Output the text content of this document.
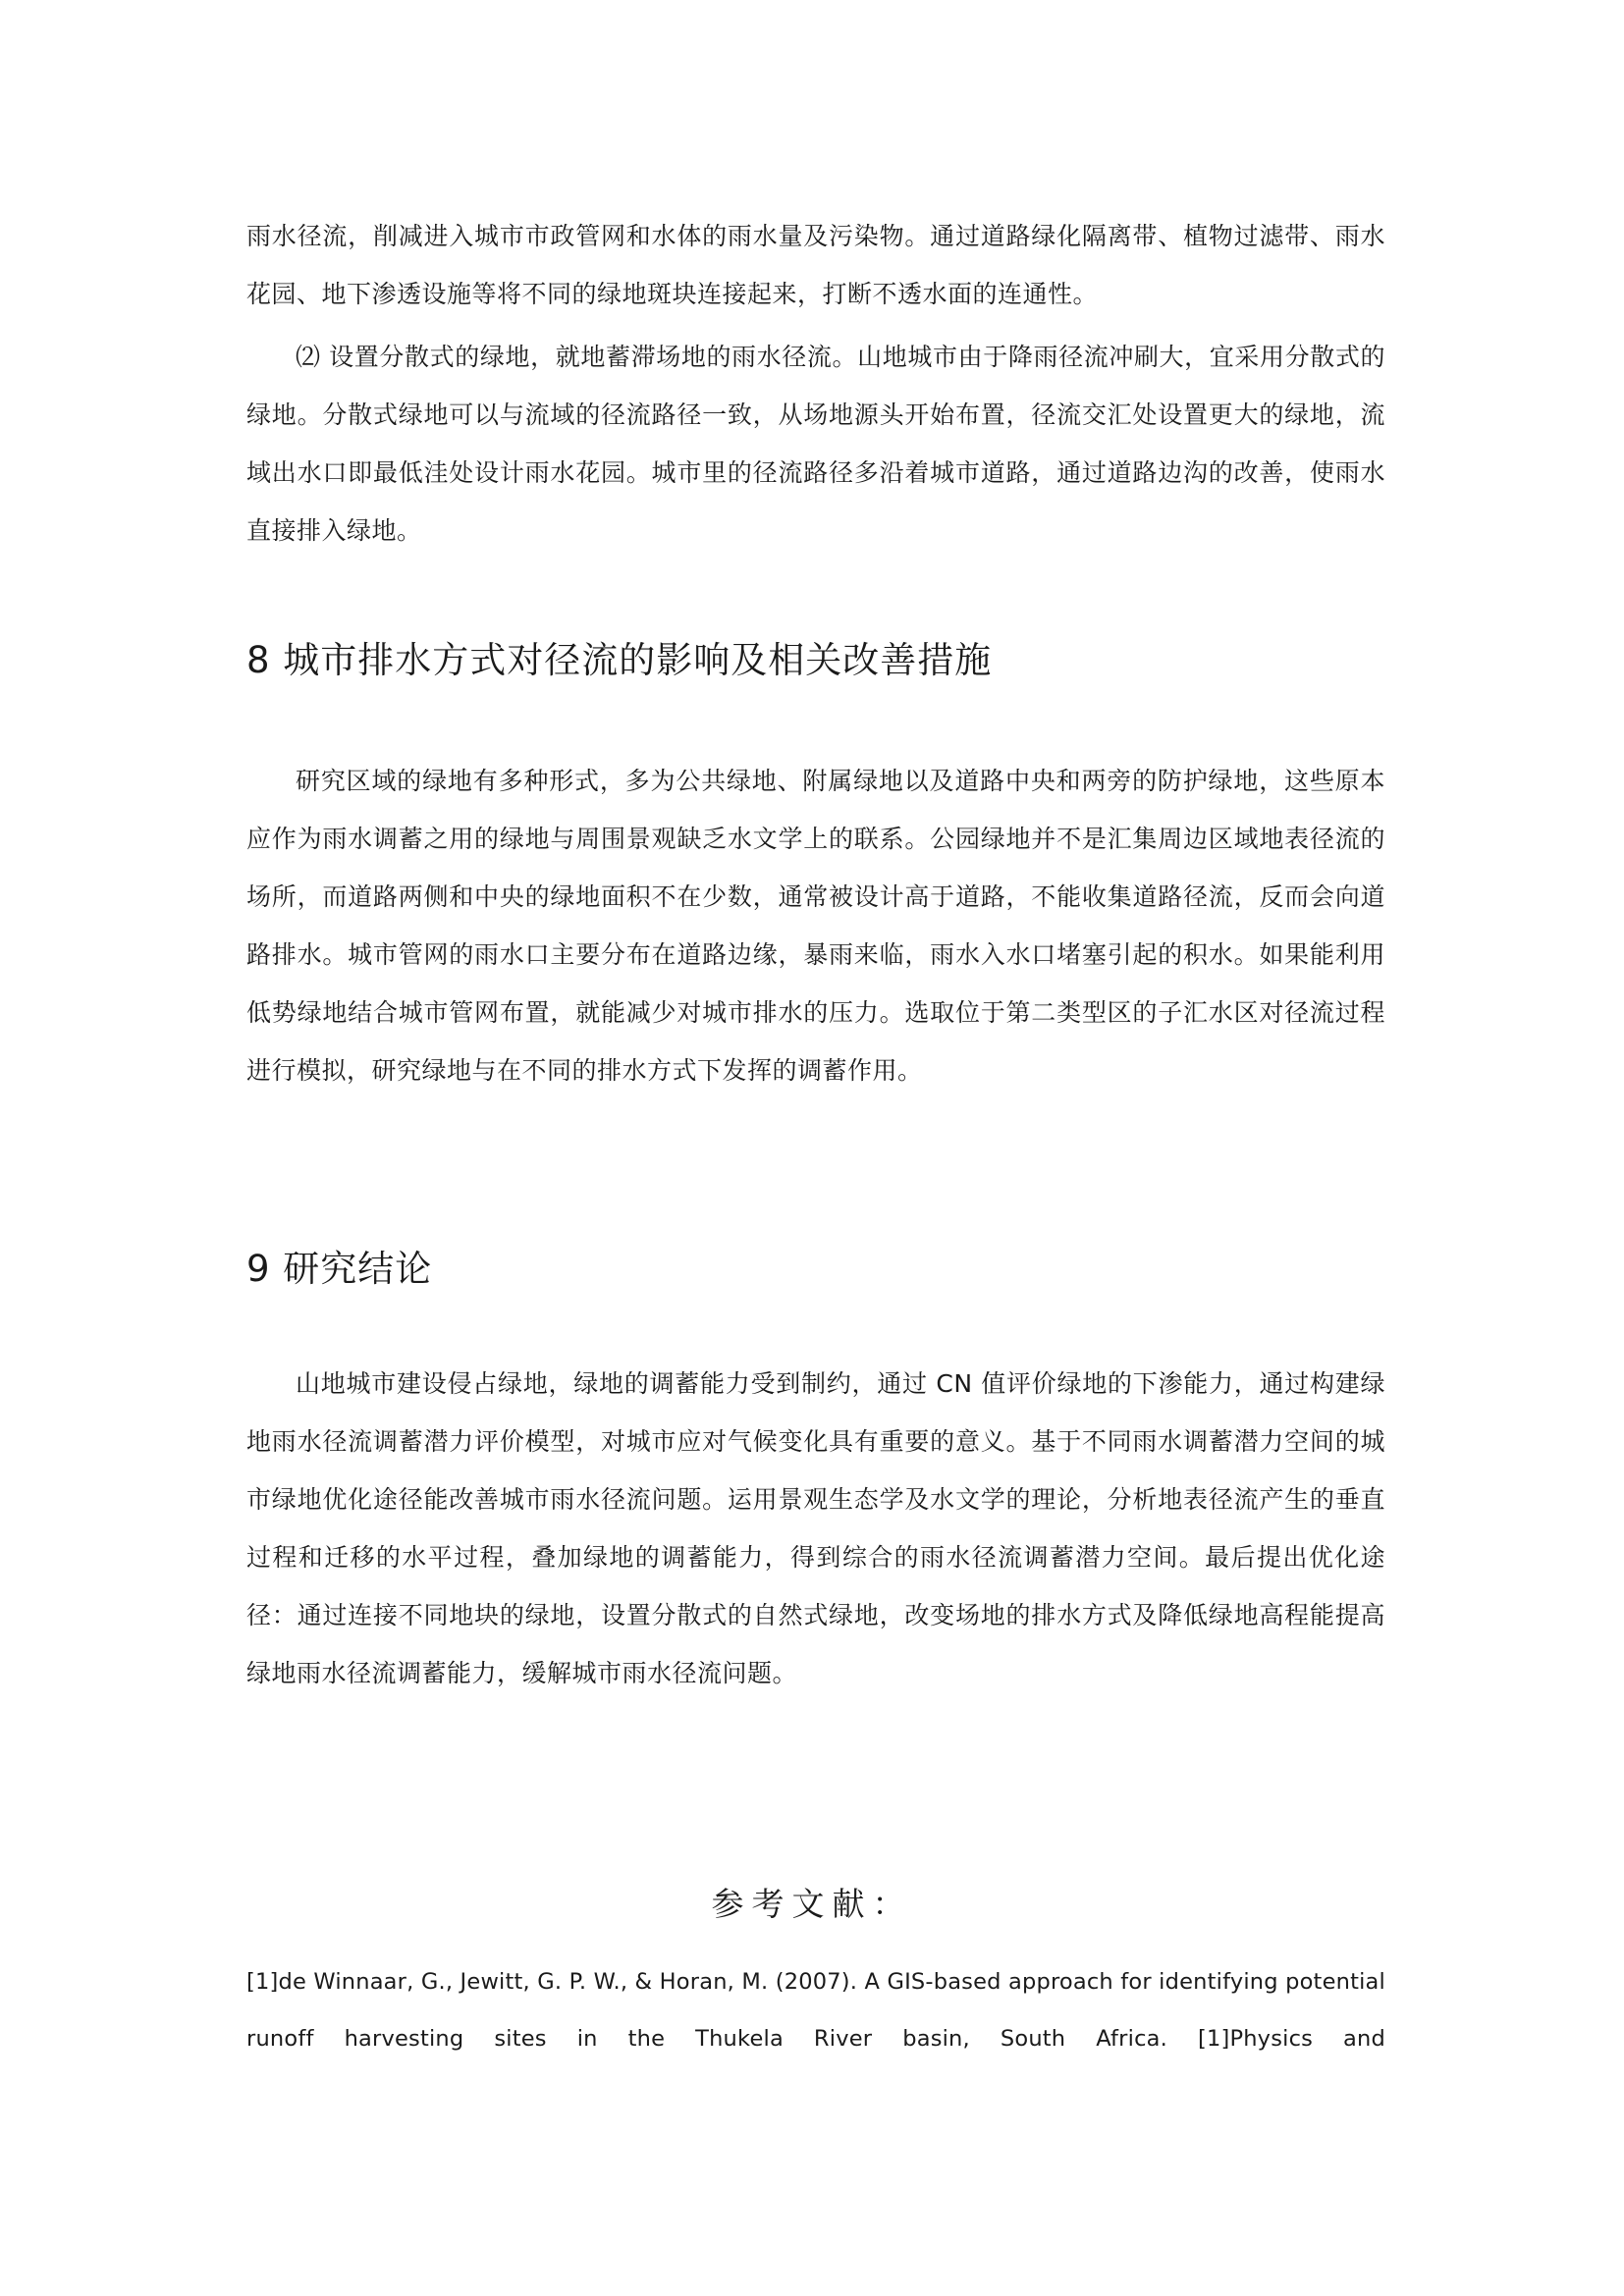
雨水径流，削减进入城市市政管网和水体的雨水量及污染物。通过道路绿化隔离带、植物过滤带、雨水花园、地下渗透设施等将不同的绿地斑块连接起来，打断不透水面的连通性。

⑵ 设置分散式的绿地，就地蓄滞场地的雨水径流。山地城市由于降雨径流冲刷大，宜采用分散式的绿地。分散式绿地可以与流域的径流路径一致，从场地源头开始布置，径流交汇处设置更大的绿地，流域出水口即最低洼处设计雨水花园。城市里的径流路径多沿着城市道路，通过道路边沟的改善，使雨水直接排入绿地。

8 城市排水方式对径流的影响及相关改善措施

研究区域的绿地有多种形式，多为公共绿地、附属绿地以及道路中央和两旁的防护绿地，这些原本应作为雨水调蓄之用的绿地与周围景观缺乏水文学上的联系。公园绿地并不是汇集周边区域地表径流的场所，而道路两侧和中央的绿地面积不在少数，通常被设计高于道路，不能收集道路径流，反而会向道路排水。城市管网的雨水口主要分布在道路边缘，暴雨来临，雨水入水口堵塞引起的积水。如果能利用低势绿地结合城市管网布置，就能减少对城市排水的压力。选取位于第二类型区的子汇水区对径流过程进行模拟，研究绿地与在不同的排水方式下发挥的调蓄作用。

9 研究结论

山地城市建设侵占绿地，绿地的调蓄能力受到制约，通过 CN 值评价绿地的下渗能力，通过构建绿地雨水径流调蓄潜力评价模型，对城市应对气候变化具有重要的意义。基于不同雨水调蓄潜力空间的城市绿地优化途径能改善城市雨水径流问题。运用景观生态学及水文学的理论，分析地表径流产生的垂直过程和迁移的水平过程，叠加绿地的调蓄能力，得到综合的雨水径流调蓄潜力空间。最后提出优化途径：通过连接不同地块的绿地，设置分散式的自然式绿地，改变场地的排水方式及降低绿地高程能提高绿地雨水径流调蓄能力，缓解城市雨水径流问题。

参考文献：

[1]de Winnaar, G., Jewitt, G. P. W., & Horan, M. (2007). A GIS-based approach for identifying potential runoff harvesting sites in the Thukela River basin, South Africa. [1]Physics and
